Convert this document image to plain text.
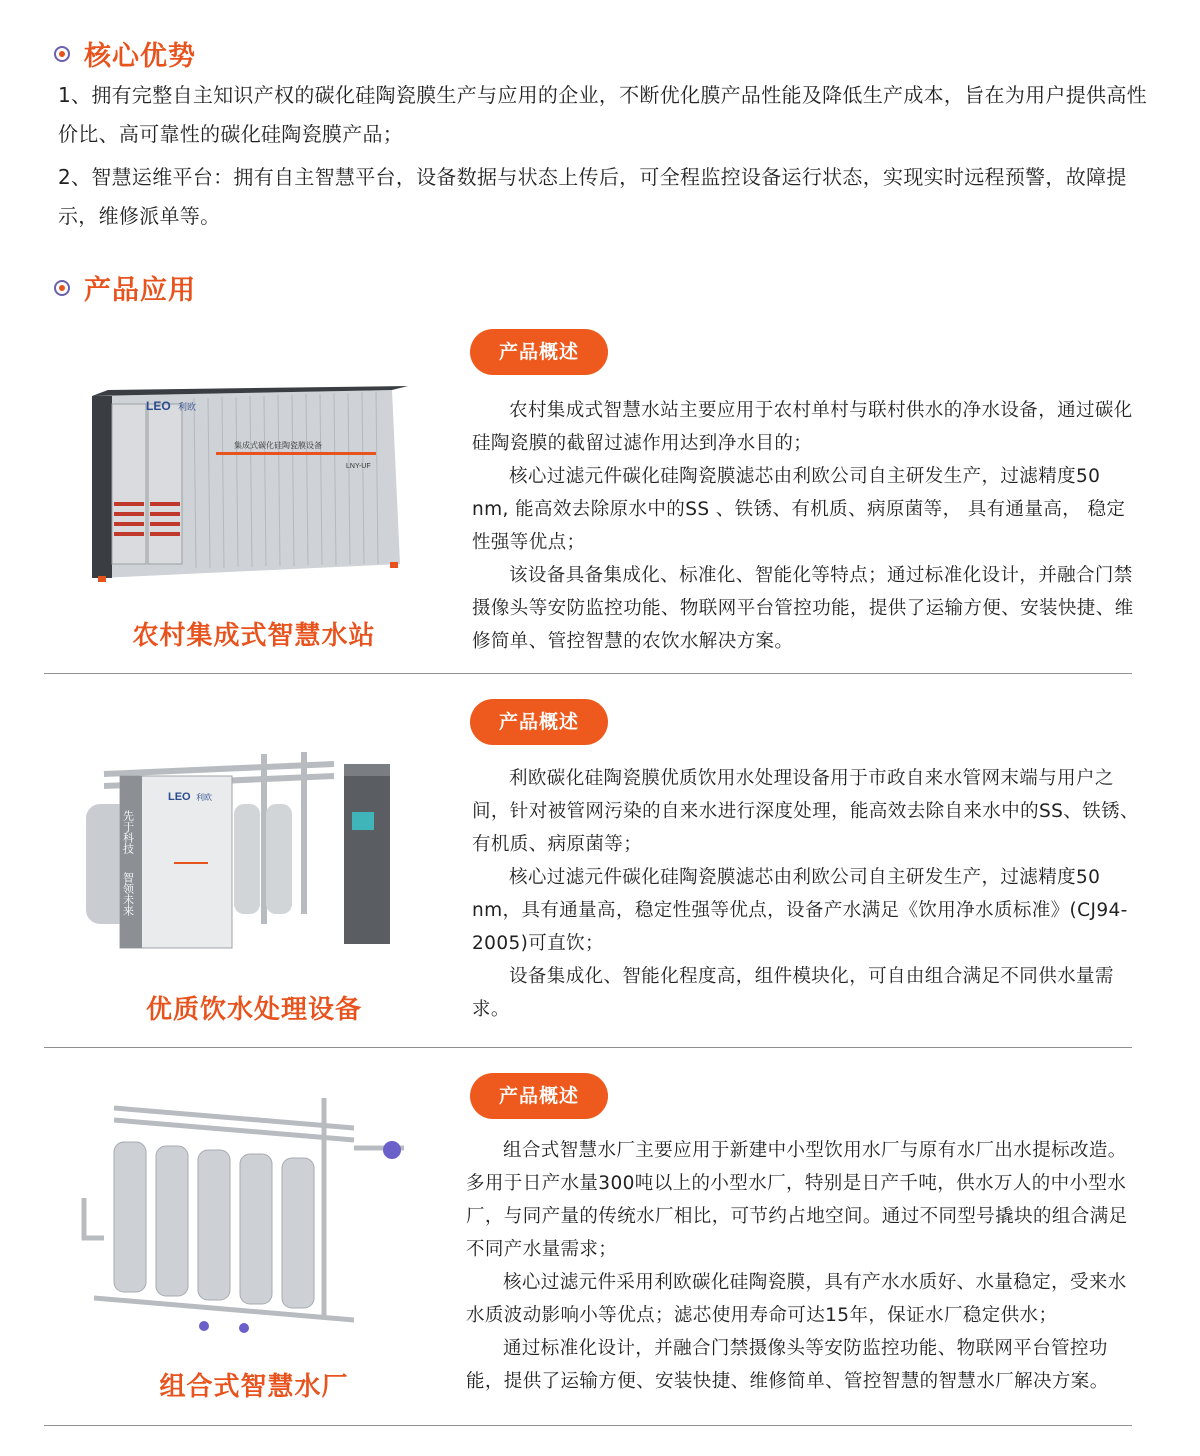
核心优势
1、拥有完整自主知识产权的碳化硅陶瓷膜生产与应用的企业，不断优化膜产品性能及降低生产成本，旨在为用户提供高性价比、高可靠性的碳化硅陶瓷膜产品；
2、智慧运维平台：拥有自主智慧平台，设备数据与状态上传后，可全程监控设备运行状态，实现实时远程预警，故障提示，维修派单等。
产品应用
LEO 利欧
集成式碳化硅陶瓷膜设备
LNY-UF
农村集成式智慧水站
产品概述

农村集成式智慧水站主要应用于农村单村与联村供水的净水设备，通过碳化硅陶瓷膜的截留过滤作用达到净水目的；

核心过滤元件碳化硅陶瓷膜滤芯由利欧公司自主研发生产，过滤精度50 nm, 能高效去除原水中的SS 、铁锈、有机质、病原菌等， 具有通量高， 稳定性强等优点；

该设备具备集成化、标准化、智能化等特点；通过标准化设计，并融合门禁摄像头等安防监控功能、物联网平台管控功能，提供了运输方便、安装快捷、维修简单、管控智慧的农饮水解决方案。

LEO 利欧
先于科技
智领未来
优质饮水处理设备
产品概述

利欧碳化硅陶瓷膜优质饮用水处理设备用于市政自来水管网末端与用户之间，针对被管网污染的自来水进行深度处理，能高效去除自来水中的SS、铁锈、有机质、病原菌等；

核心过滤元件碳化硅陶瓷膜滤芯由利欧公司自主研发生产，过滤精度50 nm，具有通量高，稳定性强等优点，设备产水满足《饮用净水质标准》(CJ94-2005)可直饮；

设备集成化、智能化程度高，组件模块化，可自由组合满足不同供水量需求。

组合式智慧水厂
产品概述

组合式智慧水厂主要应用于新建中小型饮用水厂与原有水厂出水提标改造。多用于日产水量300吨以上的小型水厂，特别是日产千吨，供水万人的中小型水厂，与同产量的传统水厂相比，可节约占地空间。通过不同型号撬块的组合满足不同产水量需求；

核心过滤元件采用利欧碳化硅陶瓷膜，具有产水水质好、水量稳定，受来水水质波动影响小等优点；滤芯使用寿命可达15年，保证水厂稳定供水；

通过标准化设计，并融合门禁摄像头等安防监控功能、物联网平台管控功能，提供了运输方便、安装快捷、维修简单、管控智慧的智慧水厂解决方案。
